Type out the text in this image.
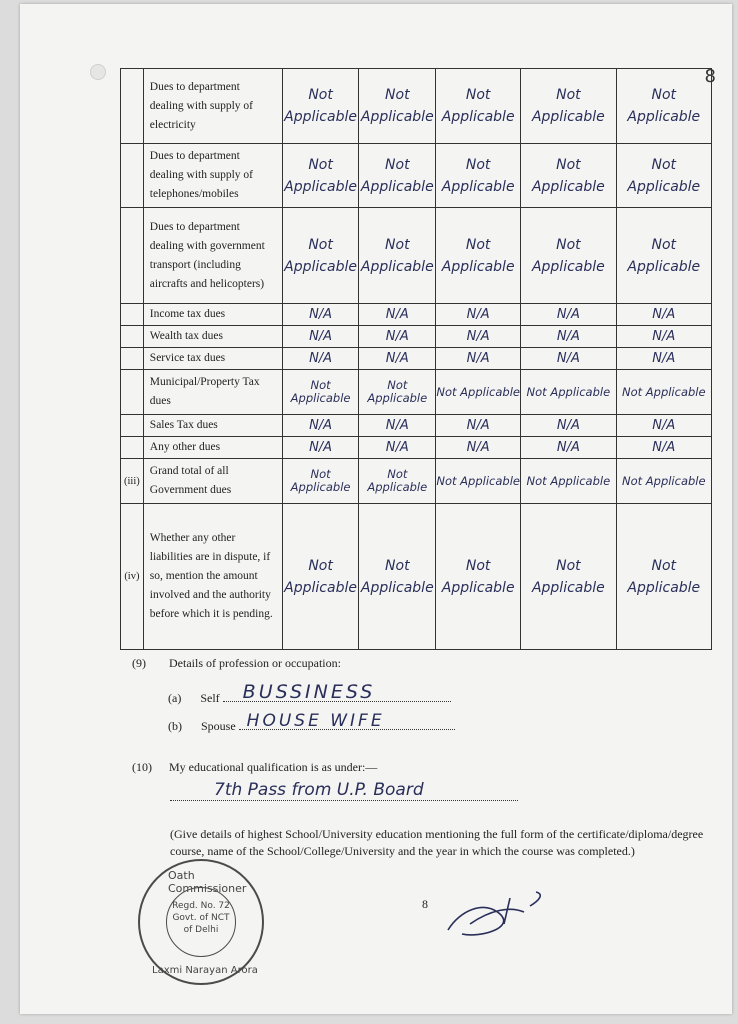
8
	Dues to department dealing with supply of electricity	Not Applicable	Not Applicable	Not Applicable	Not Applicable	Not Applicable
	Dues to department dealing with supply of telephones/mobiles	Not Applicable	Not Applicable	Not Applicable	Not Applicable	Not Applicable
	Dues to department dealing with government transport (including aircrafts and helicopters)	Not Applicable	Not Applicable	Not Applicable	Not Applicable	Not Applicable
	Income tax dues	N/A	N/A	N/A	N/A	N/A
	Wealth tax dues	N/A	N/A	N/A	N/A	N/A
	Service tax dues	N/A	N/A	N/A	N/A	N/A
	Municipal/Property Tax dues	Not Applicable	Not Applicable	Not Applicable	Not Applicable	Not Applicable
	Sales Tax dues	N/A	N/A	N/A	N/A	N/A
	Any other dues	N/A	N/A	N/A	N/A	N/A
(iii)	Grand total of all Government dues	Not Applicable	Not Applicable	Not Applicable	Not Applicable	Not Applicable
(iv)	Whether any other liabilities are in dispute, if so, mention the amount involved and the authority before which it is pending.	Not Applicable	Not Applicable	Not Applicable	Not Applicable	Not Applicable
(9) Details of profession or occupation:
(a) Self BUSSINESS
(b) Spouse HOUSE WIFE
(10) My educational qualification is as under:—
7th Pass from U.P. Board
(Give details of highest School/University education mentioning the full form of the certificate/diploma/degree course, name of the School/College/University and the year in which the course was completed.)
Oath Commissioner
Regd. No. 72
Govt. of NCT
of Delhi
Laxmi Narayan Arora
8
